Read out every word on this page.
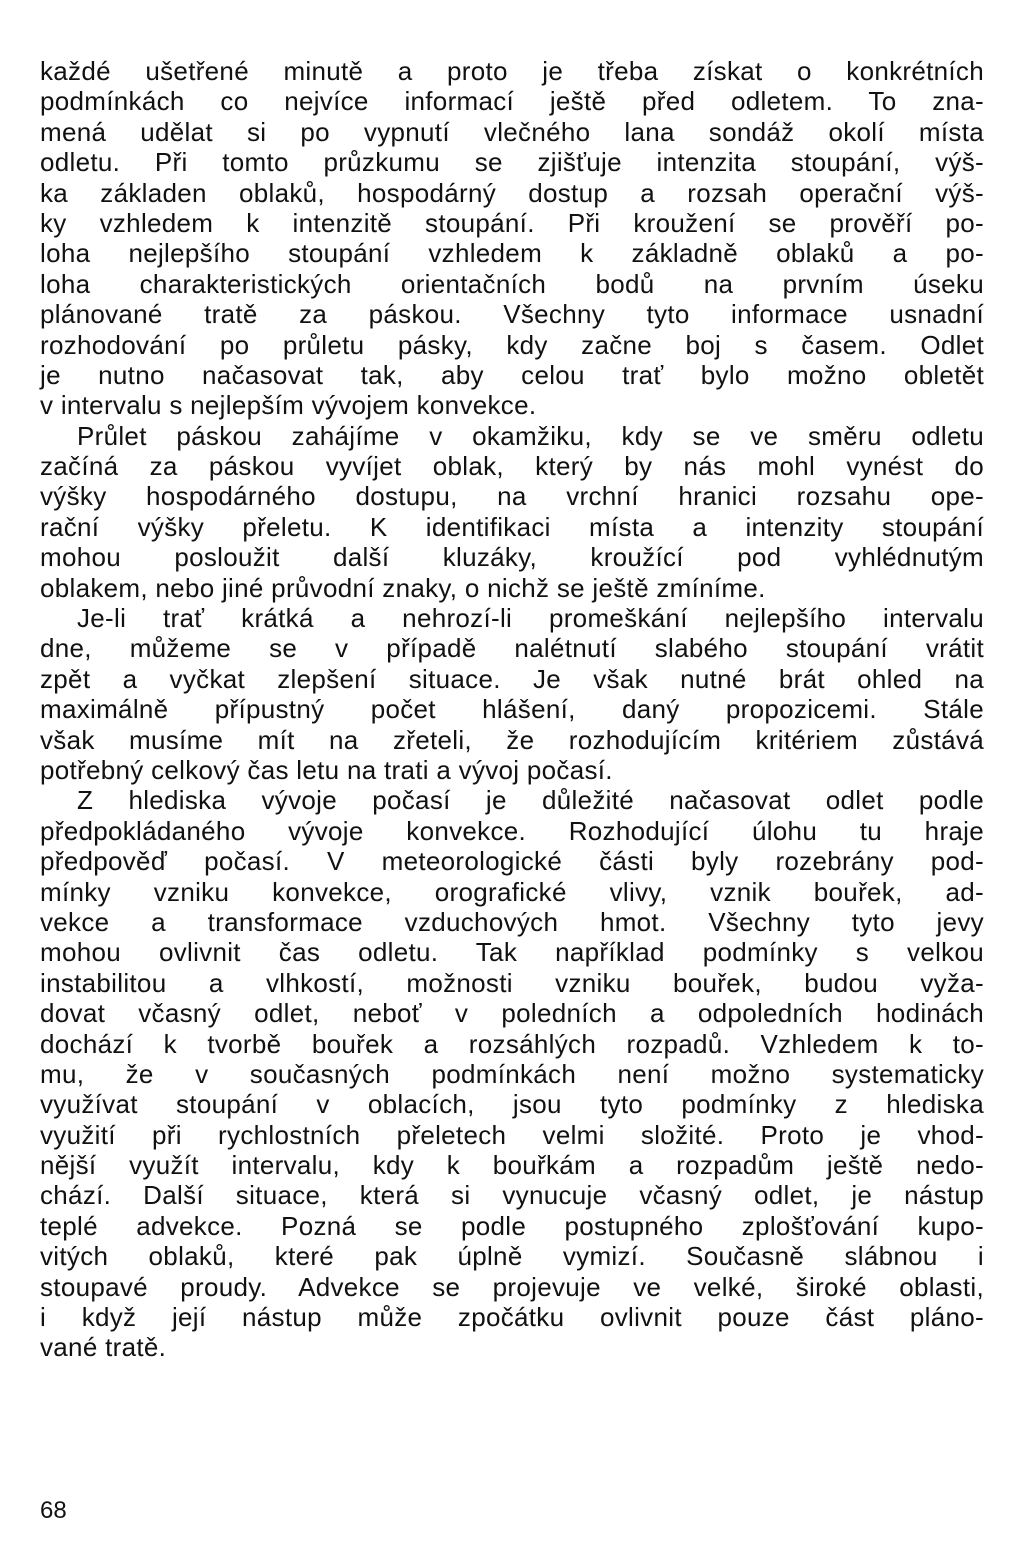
každé ušetřené minutě a proto je třeba získat o konkrétních
podmínkách co nejvíce informací ještě před odletem. To zna-
mená udělat si po vypnutí vlečného lana sondáž okolí místa
odletu. Při tomto průzkumu se zjišťuje intenzita stoupání, výš-
ka základen oblaků, hospodárný dostup a rozsah operační výš-
ky vzhledem k intenzitě stoupání. Při kroužení se prověří po-
loha nejlepšího stoupání vzhledem k základně oblaků a po-
loha charakteristických orientačních bodů na prvním úseku
plánované tratě za páskou. Všechny tyto informace usnadní
rozhodování po průletu pásky, kdy začne boj s časem. Odlet
je nutno načasovat tak, aby celou trať bylo možno obletět
v intervalu s nejlepším vývojem konvekce.
Průlet páskou zahájíme v okamžiku, kdy se ve směru odletu
začíná za páskou vyvíjet oblak, který by nás mohl vynést do
výšky hospodárného dostupu, na vrchní hranici rozsahu ope-
rační výšky přeletu. K identifikaci místa a intenzity stoupání
mohou posloužit další kluzáky, kroužící pod vyhlédnutým
oblakem, nebo jiné průvodní znaky, o nichž se ještě zmíníme.
Je-li trať krátká a nehrozí-li promeškání nejlepšího intervalu
dne, můžeme se v případě nalétnutí slabého stoupání vrátit
zpět a vyčkat zlepšení situace. Je však nutné brát ohled na
maximálně přípustný počet hlášení, daný propozicemi. Stále
však musíme mít na zřeteli, že rozhodujícím kritériem zůstává
potřebný celkový čas letu na trati a vývoj počasí.
Z hlediska vývoje počasí je důležité načasovat odlet podle
předpokládaného vývoje konvekce. Rozhodující úlohu tu hraje
předpověď počasí. V meteorologické části byly rozebrány pod-
mínky vzniku konvekce, orografické vlivy, vznik bouřek, ad-
vekce a transformace vzduchových hmot. Všechny tyto jevy
mohou ovlivnit čas odletu. Tak například podmínky s velkou
instabilitou a vlhkostí, možnosti vzniku bouřek, budou vyža-
dovat včasný odlet, neboť v poledních a odpoledních hodinách
dochází k tvorbě bouřek a rozsáhlých rozpadů. Vzhledem k to-
mu, že v současných podmínkách není možno systematicky
využívat stoupání v oblacích, jsou tyto podmínky z hlediska
využití při rychlostních přeletech velmi složité. Proto je vhod-
nější využít intervalu, kdy k bouřkám a rozpadům ještě nedo-
chází. Další situace, která si vynucuje včasný odlet, je nástup
teplé advekce. Pozná se podle postupného zplošťování kupo-
vitých oblaků, které pak úplně vymizí. Současně slábnou i
stoupavé proudy. Advekce se projevuje ve velké, široké oblasti,
i když její nástup může zpočátku ovlivnit pouze část pláno-
vané tratě.
68
